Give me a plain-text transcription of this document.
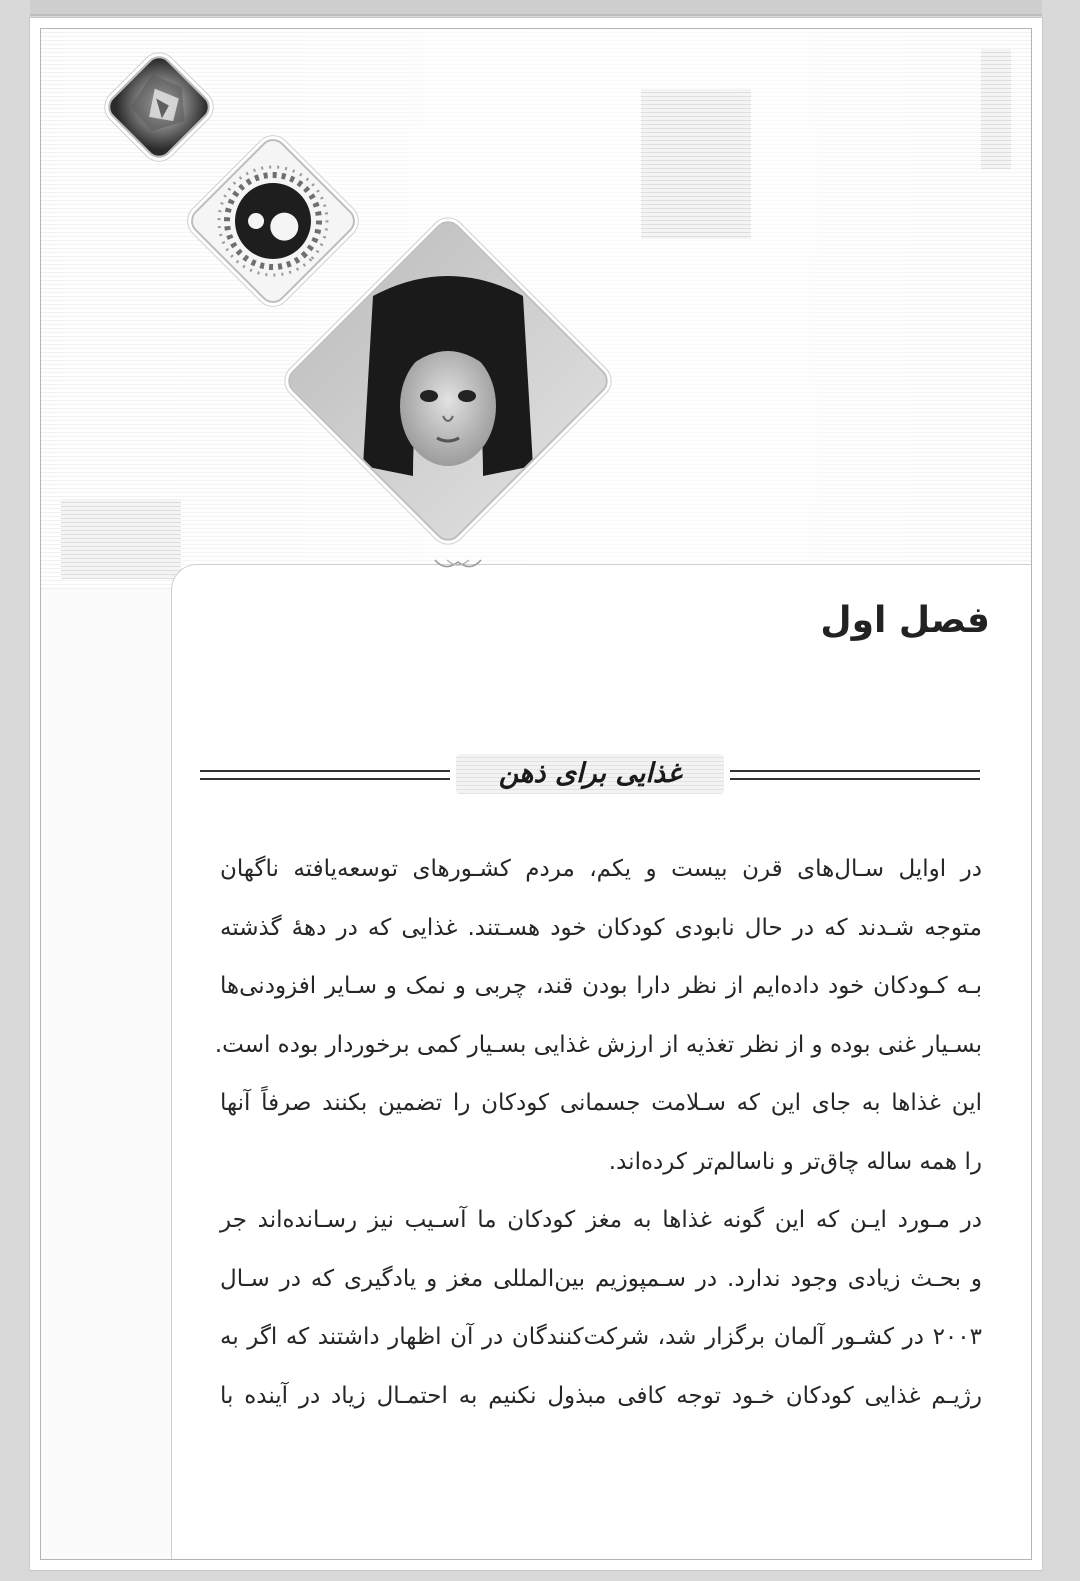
فصل اول
غذایی برای ذهن
در اوایل سـال‌های قرن بیست و یکم، مردم کشـورهای توسعه‌یافته ناگهان
متوجه شـدند که در حال نابودی کودکان خود هسـتند. غذایی که در دههٔ گذشته
بـه کـودکان خود داده‌ایم از نظر دارا بودن قند، چربی و نمک و سـایر افزودنی‌ها
بسـیار غنی بوده و از نظر تغذیه از ارزش غذایی بسـیار کمی برخوردار بوده است.
این غذاها به جای این که سـلامت جسمانی کودکان را تضمین بکنند صرفاً آنها
را همه ساله چاق‌تر و ناسالم‌تر کرده‌اند.
در مـورد ایـن که این گونه غذاها به مغز کودکان ما آسـیب نیز رسـانده‌اند جر
و بحـث زیادی وجود ندارد. در سـمپوزیم بین‌المللی مغز و یادگیری که در سـال
۲۰۰۳ در کشـور آلمان برگزار شد، شرکت‌کنندگان در آن اظهار داشتند که اگر به
رژیـم غذایی کودکان خـود توجه کافی مبذول نکنیم به احتمـال زیاد در آینده با
